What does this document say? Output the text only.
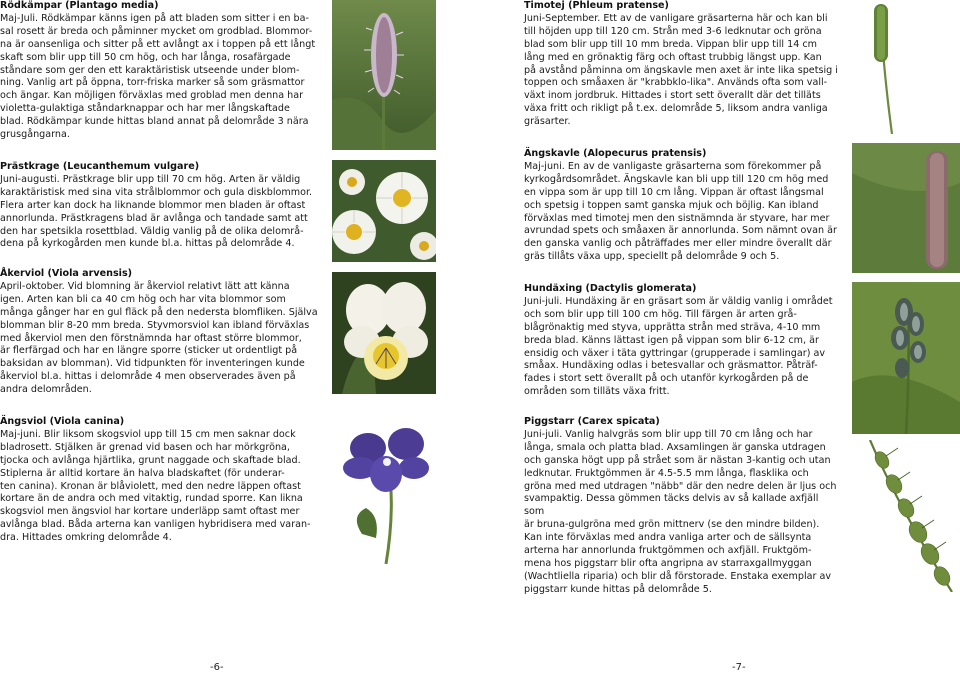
Rödkämpar (Plantago media)

Maj-Juli. Rödkämpar känns igen på att bladen som sitter i en ba-
sal rosett är breda och påminner mycket om grodblad. Blommor-
na är oansenliga och sitter på ett avlångt ax i toppen på ett långt
skaft som blir upp till 50 cm hög, och har långa, rosafärgade
ståndare som ger den ett karaktäristisk utseende under blom-
ning. Vanlig art på öppna, torr-friska marker så som gräsmattor
och ängar. Kan möjligen förväxlas med groblad men denna har
violetta-gulaktiga ståndarknappar och har mer långskaftade
blad. Rödkämpar kunde hittas bland annat på delområde 3 nära
grusgångarna.

Prästkrage (Leucanthemum vulgare)

Juni-augusti. Prästkrage blir upp till 70 cm hög. Arten är väldig
karaktäristisk med sina vita strålblommor och gula diskblommor.
Flera arter kan dock ha liknande blommor men bladen är oftast
annorlunda. Prästkragens blad är avlånga och tandade samt att
den har spetsikla rosettblad. Väldig vanlig på de olika delområ-
dena på kyrkogården men kunde bl.a. hittas på delområde 4.

Åkerviol (Viola arvensis)

April-oktober. Vid blomning är åkerviol relativt lätt att känna
igen. Arten kan bli ca 40 cm hög och har vita blommor som
många gånger har en gul fläck på den nedersta blomfliken. Själva
blomman blir 8-20 mm breda. Styvmorsviol kan ibland förväxlas
med åkerviol men den förstnämnda har oftast större blommor,
är flerfärgad och har en längre sporre (sticker ut ordentligt på
baksidan av blomman). Vid tidpunkten för inventeringen kunde
åkerviol bl.a. hittas i delområde 4 men observerades även på
andra delområden.

Ängsviol (Viola canina)

Maj-juni. Blir liksom skogsviol upp till 15 cm men saknar dock
bladrosett. Stjälken är grenad vid basen och har mörkgröna,
tjocka och avlånga hjärtlika, grunt naggade och skaftade blad.
Stiplerna är alltid kortare än halva bladskaftet (för underar-
ten canina). Kronan är blåviolett, med den nedre läppen oftast
kortare än de andra och med vitaktig, rundad sporre. Kan likna
skogsviol men ängsviol har kortare underläpp samt oftast mer
avlånga blad. Båda arterna kan vanligen hybridisera med varan-
dra. Hittades omkring delområde 4.

Timotej (Phleum pratense)

Juni-September. Ett av de vanligare gräsarterna här och kan bli
till höjden upp till 120 cm. Strån med 3-6 ledknutar och gröna
blad som blir upp till 10 mm breda. Vippan blir upp till 14 cm
lång med en grönaktig färg och oftast trubbig längst upp. Kan
på avstånd påminna om ängskavle men axet är inte lika spetsig i
toppen och småaxen är "krabbklo-lika". Används ofta som vall-
växt inom jordbruk. Hittades i stort sett överallt där det tilläts
växa fritt och rikligt på t.ex. delområde 5, liksom andra vanliga
gräsarter.

Ängskavle (Alopecurus pratensis)

Maj-juni. En av de vanligaste gräsarterna som förekommer på
kyrkogårdsområdet. Ängskavle kan bli upp till 120 cm hög med
en vippa som är upp till 10 cm lång. Vippan är oftast långsmal
och spetsig i toppen samt ganska mjuk och böjlig. Kan ibland
förväxlas med timotej men den sistnämnda är styvare, har mer
avrundad spets och småaxen är annorlunda. Som nämnt ovan är
den ganska vanlig och påträffades mer eller mindre överallt där
gräs tillåts växa upp, speciellt på delområde 9 och 5.

Hundäxing (Dactylis glomerata)

Juni-juli. Hundäxing är en gräsart som är väldig vanlig i området
och som blir upp till 100 cm hög. Till färgen är arten grå-
blågrönaktig med styva, upprätta strån med sträva, 4-10 mm
breda blad. Känns lättast igen på vippan som blir 6-12 cm, är
ensidig och växer i täta gyttringar (grupperade i samlingar) av
småax. Hundäxing odlas i betesvallar och gräsmattor. Påträf-
fades i stort sett överallt på och utanför kyrkogården på de
områden som tilläts växa fritt.

Piggstarr (Carex spicata)

Juni-juli. Vanlig halvgräs som blir upp till 70 cm lång och har
långa, smala och platta blad. Axsamlingen är ganska utdragen
och ganska högt upp på strået som är nästan 3-kantig och utan
ledknutar. Fruktgömmen är 4.5-5.5 mm långa, flasklika och
gröna med med utdragen "näbb" där den nedre delen är ljus och
svampaktig. Dessa gömmen täcks delvis av så kallade axfjäll som
är bruna-gulgröna med grön mittnerv (se den mindre bilden).
Kan inte förväxlas med andra vanliga arter och de sällsynta
arterna har annorlunda fruktgömmen och axfjäll. Fruktgöm-
mena hos piggstarr blir ofta angripna av starraxgallmyggan
(Wachtliella riparia) och blir då förstorade. Enstaka exemplar av
piggstarr kunde hittas på delområde 5.

-6-	-7-
